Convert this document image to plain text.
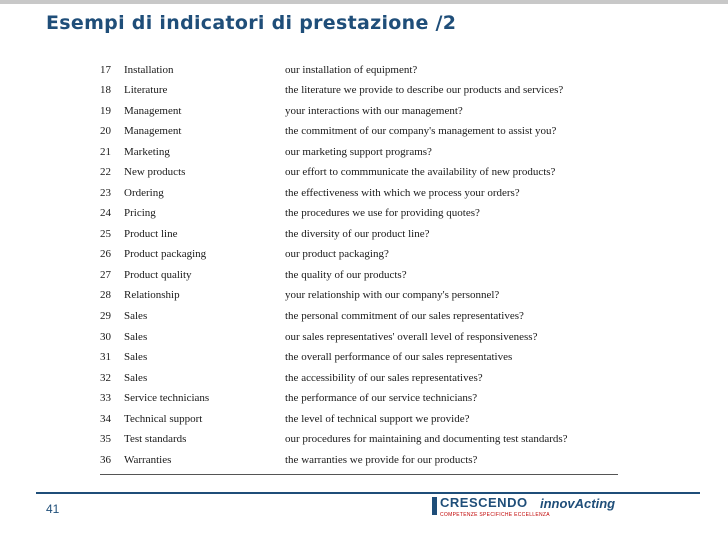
Esempi di indicatori di prestazione /2
17	Installation	our installation of equipment?
18	Literature	the literature we provide to describe our products and services?
19	Management	your interactions with our management?
20	Management	the commitment of our company's management to assist you?
21	Marketing	our marketing support programs?
22	New products	our effort to commmunicate the availability of new products?
23	Ordering	the effectiveness with which we process your orders?
24	Pricing	the procedures we use for providing quotes?
25	Product line	the diversity of our product line?
26	Product packaging	our product packaging?
27	Product quality	the quality of our products?
28	Relationship	your relationship with our company's personnel?
29	Sales	the personal commitment of our sales representatives?
30	Sales	our sales representatives' overall level of responsiveness?
31	Sales	the overall performance of our sales representatives
32	Sales	the accessibility of our sales representatives?
33	Service technicians	the performance of our service technicians?
34	Technical support	the level of technical support we provide?
35	Test standards	our procedures for maintaining and documenting test standards?
36	Warranties	the warranties we provide for our products?
41	CRESCENDO
COMPETENZE SPECIFICHE ECCELLENZA
innovActing
